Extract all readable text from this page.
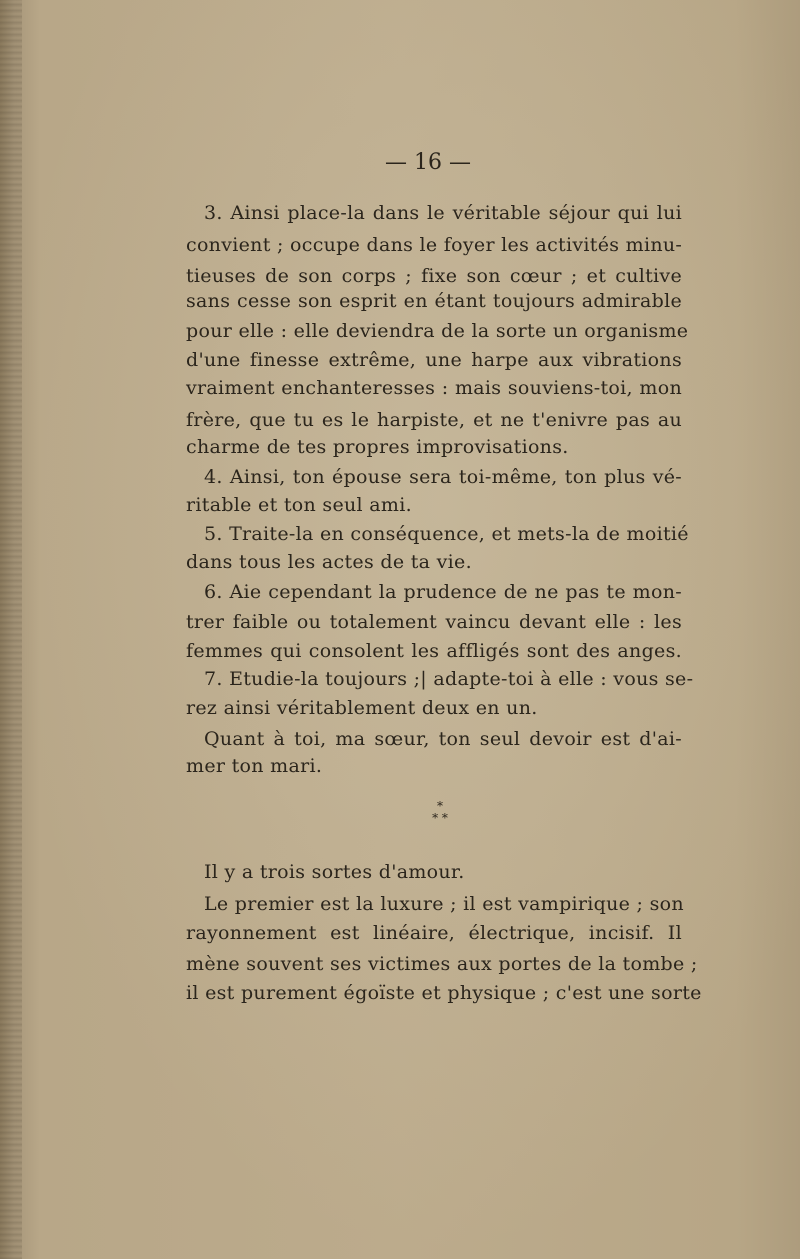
— 16 —
3. Ainsi place-la dans le véritable séjour qui lui
convient ; occupe dans le foyer les activités minu-
tieuses de son corps ; fixe son cœur ; et cultive
sans cesse son esprit en étant toujours admirable
pour elle : elle deviendra de la sorte un organisme
d'une finesse extrême, une harpe aux vibrations
vraiment enchanteresses : mais souviens-toi, mon
frère, que tu es le harpiste, et ne t'enivre pas au
charme de tes propres improvisations.
4. Ainsi, ton épouse sera toi-même, ton plus vé-
ritable et ton seul ami.
5. Traite-la en conséquence, et mets-la de moitié
dans tous les actes de ta vie.
6. Aie cependant la prudence de ne pas te mon-
trer faible ou totalement vaincu devant elle : les
femmes qui consolent les affligés sont des anges.
7. Etudie-la toujours ;| adapte-toi à elle : vous se-
rez ainsi véritablement deux en un.
Quant à toi, ma sœur, ton seul devoir est d'ai-
mer ton mari.
Il y a trois sortes d'amour.
Le premier est la luxure ; il est vampirique ; son
rayonnement est linéaire, électrique, incisif. Il
mène souvent ses victimes aux portes de la tombe ;
il est purement égoïste et physique ; c'est une sorte
*
* *
